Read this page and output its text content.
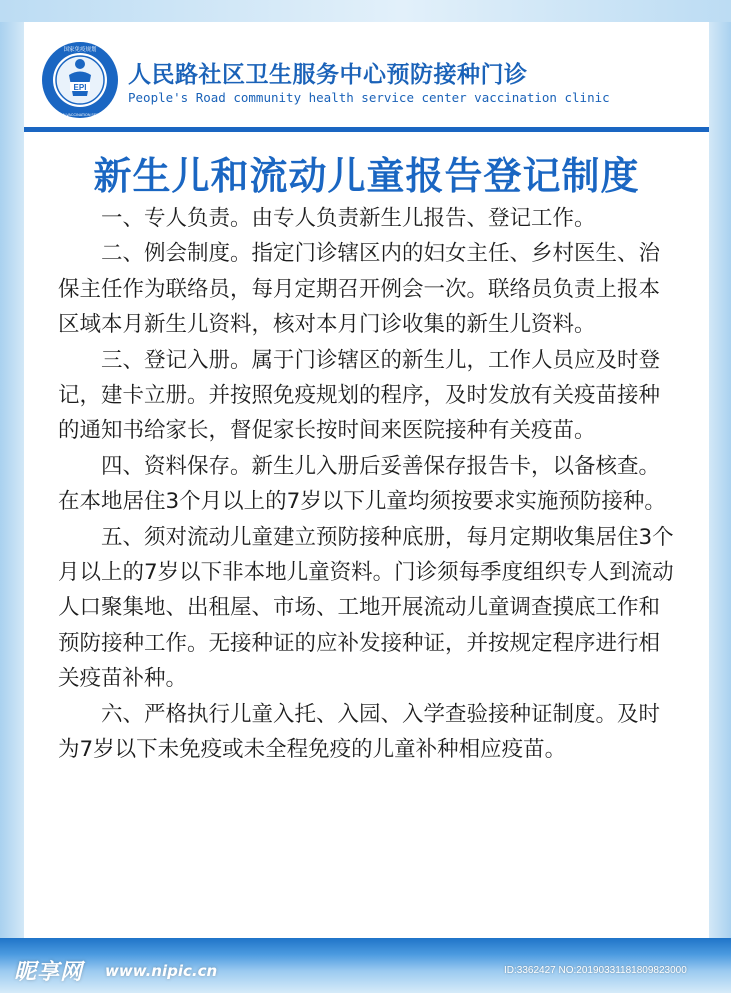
EPI
国家免疫规划
HENAN VACCINATION SERVICE
人民路社区卫生服务中心预防接种门诊
People's Road community health service center vaccination clinic
新生儿和流动儿童报告登记制度

一、专人负责。由专人负责新生儿报告、登记工作。

二、例会制度。指定门诊辖区内的妇女主任、乡村医生、治保主任作为联络员，每月定期召开例会一次。联络员负责上报本区域本月新生儿资料，核对本月门诊收集的新生儿资料。

三、登记入册。属于门诊辖区的新生儿，工作人员应及时登记，建卡立册。并按照免疫规划的程序，及时发放有关疫苗接种的通知书给家长，督促家长按时间来医院接种有关疫苗。

四、资料保存。新生儿入册后妥善保存报告卡，以备核查。在本地居住3个月以上的7岁以下儿童均须按要求实施预防接种。

五、须对流动儿童建立预防接种底册，每月定期收集居住3个月以上的7岁以下非本地儿童资料。门诊须每季度组织专人到流动人口聚集地、出租屋、市场、工地开展流动儿童调查摸底工作和预防接种工作。无接种证的应补发接种证，并按规定程序进行相关疫苗补种。

六、严格执行儿童入托、入园、入学查验接种证制度。及时为7岁以下未免疫或未全程免疫的儿童补种相应疫苗。

昵享网 www.nipic.cn	ID:3362427 NO:20190331181809823000
